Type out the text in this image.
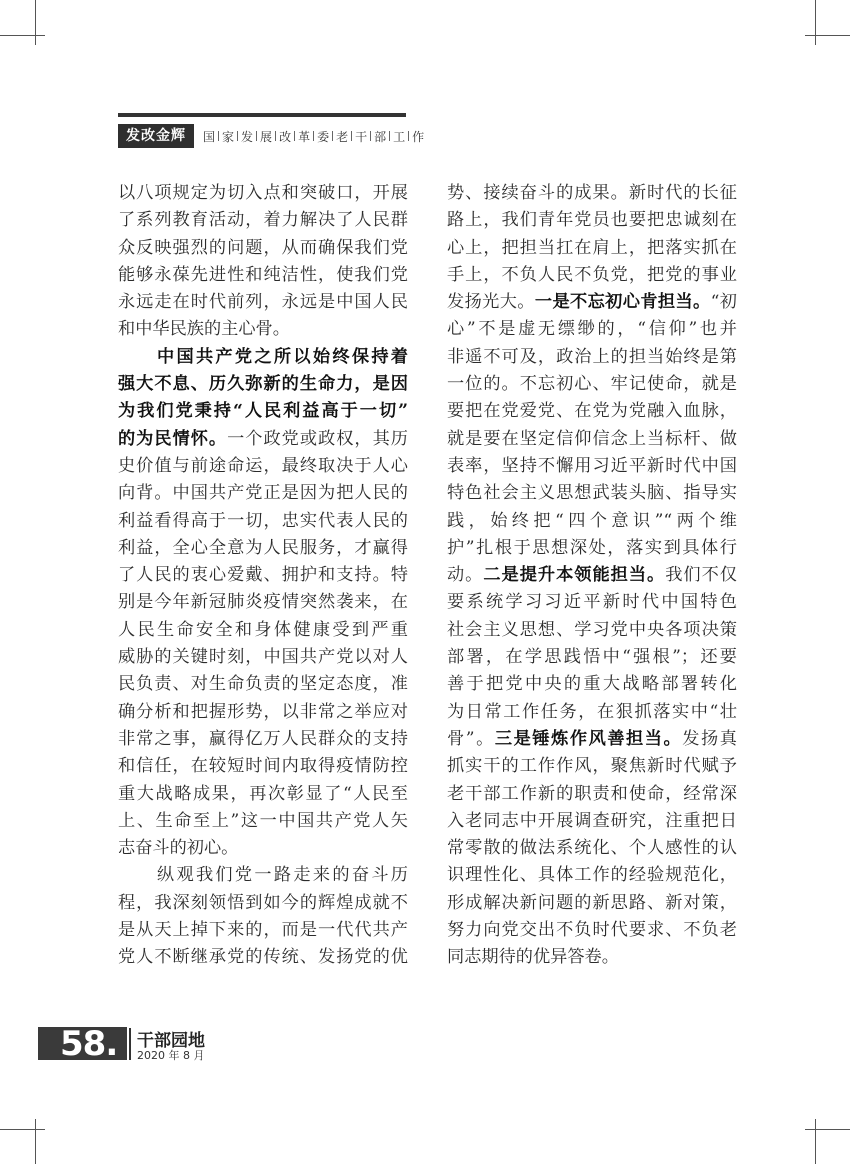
发改金辉	国 家 发 展 改 革 委 老 干 部 工 作
以八项规定为切入点和突破口，开展
了系列教育活动，着力解决了人民群
众反映强烈的问题，从而确保我们党
能够永葆先进性和纯洁性，使我们党
永远走在时代前列，永远是中国人民
和中华民族的主心骨。
　　中国共产党之所以始终保持着
强大不息、历久弥新的生命力，是因
为我们党秉持“人民利益高于一切”
的为民情怀。一个政党或政权，其历
史价值与前途命运，最终取决于人心
向背。中国共产党正是因为把人民的
利益看得高于一切，忠实代表人民的
利益，全心全意为人民服务，才赢得
了人民的衷心爱戴、拥护和支持。特
别是今年新冠肺炎疫情突然袭来，在
人民生命安全和身体健康受到严重
威胁的关键时刻，中国共产党以对人
民负责、对生命负责的坚定态度，准
确分析和把握形势，以非常之举应对
非常之事，赢得亿万人民群众的支持
和信任，在较短时间内取得疫情防控
重大战略成果，再次彰显了“人民至
上、生命至上”这一中国共产党人矢
志奋斗的初心。
　　纵观我们党一路走来的奋斗历
程，我深刻领悟到如今的辉煌成就不
是从天上掉下来的，而是一代代共产
党人不断继承党的传统、发扬党的优
势、接续奋斗的成果。新时代的长征
路上，我们青年党员也要把忠诚刻在
心上，把担当扛在肩上，把落实抓在
手上，不负人民不负党，把党的事业
发扬光大。一是不忘初心肯担当。“初
心”不是虚无缥缈的，“信仰”也并
非遥不可及，政治上的担当始终是第
一位的。不忘初心、牢记使命，就是
要把在党爱党、在党为党融入血脉，
就是要在坚定信仰信念上当标杆、做
表率，坚持不懈用习近平新时代中国
特色社会主义思想武装头脑、指导实
践，始终把“四个意识”“两个维
护”扎根于思想深处，落实到具体行
动。二是提升本领能担当。我们不仅
要系统学习习近平新时代中国特色
社会主义思想、学习党中央各项决策
部署，在学思践悟中“强根”；还要
善于把党中央的重大战略部署转化
为日常工作任务，在狠抓落实中“壮
骨”。三是锤炼作风善担当。发扬真
抓实干的工作作风，聚焦新时代赋予
老干部工作新的职责和使命，经常深
入老同志中开展调查研究，注重把日
常零散的做法系统化、个人感性的认
识理性化、具体工作的经验规范化，
形成解决新问题的新思路、新对策，
努力向党交出不负时代要求、不负老
同志期待的优异答卷。
58. 干部园地
2020 年 8 月
